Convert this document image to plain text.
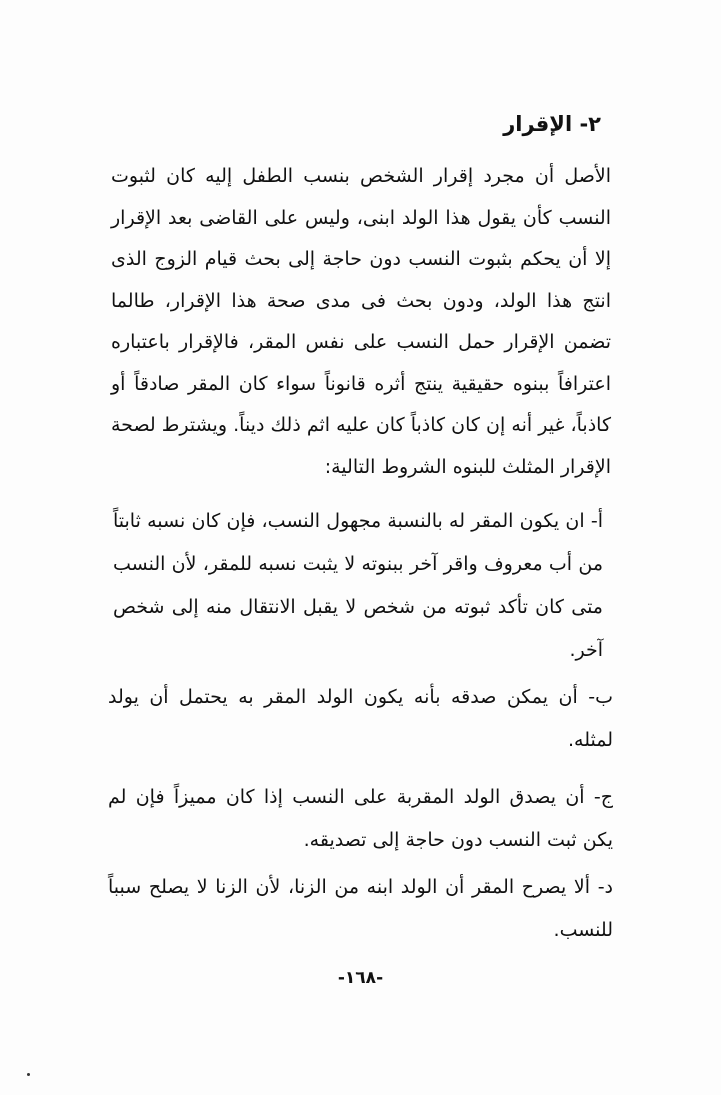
٢- الإقرار
الأصل أن مجرد إقرار الشخص بنسب الطفل إليه كان لثبوت النسب كأن يقول هذا الولد ابنى، وليس على القاضى بعد الإقرار إلا أن يحكم بثبوت النسب دون حاجة إلى بحث قيام الزوج الذى انتج هذا الولد، ودون بحث فى مدى صحة هذا الإقرار، طالما تضمن الإقرار حمل النسب على نفس المقر، فالإقرار باعتباره اعترافاً ببنوه حقيقية ينتج أثره قانوناً سواء كان المقر صادقاً أو كاذباً، غير أنه إن كان كاذباً كان عليه اثم ذلك ديناً. ويشترط لصحة الإقرار المثلث للبنوه الشروط التالية:
أ- ان يكون المقر له بالنسبة مجهول النسب، فإن كان نسبه ثابتاً من أب معروف واقر آخر ببنوته لا يثبت نسبه للمقر، لأن النسب متى كان تأكد ثبوته من شخص لا يقبل الانتقال منه إلى شخص آخر.
ب- أن يمكن صدقه بأنه يكون الولد المقر به يحتمل أن يولد لمثله.
ج- أن يصدق الولد المقربة على النسب إذا كان مميزاً فإن لم يكن ثبت النسب دون حاجة إلى تصديقه.
د- ألا يصرح المقر أن الولد ابنه من الزنا، لأن الزنا لا يصلح سبباً للنسب.
-١٦٨-
